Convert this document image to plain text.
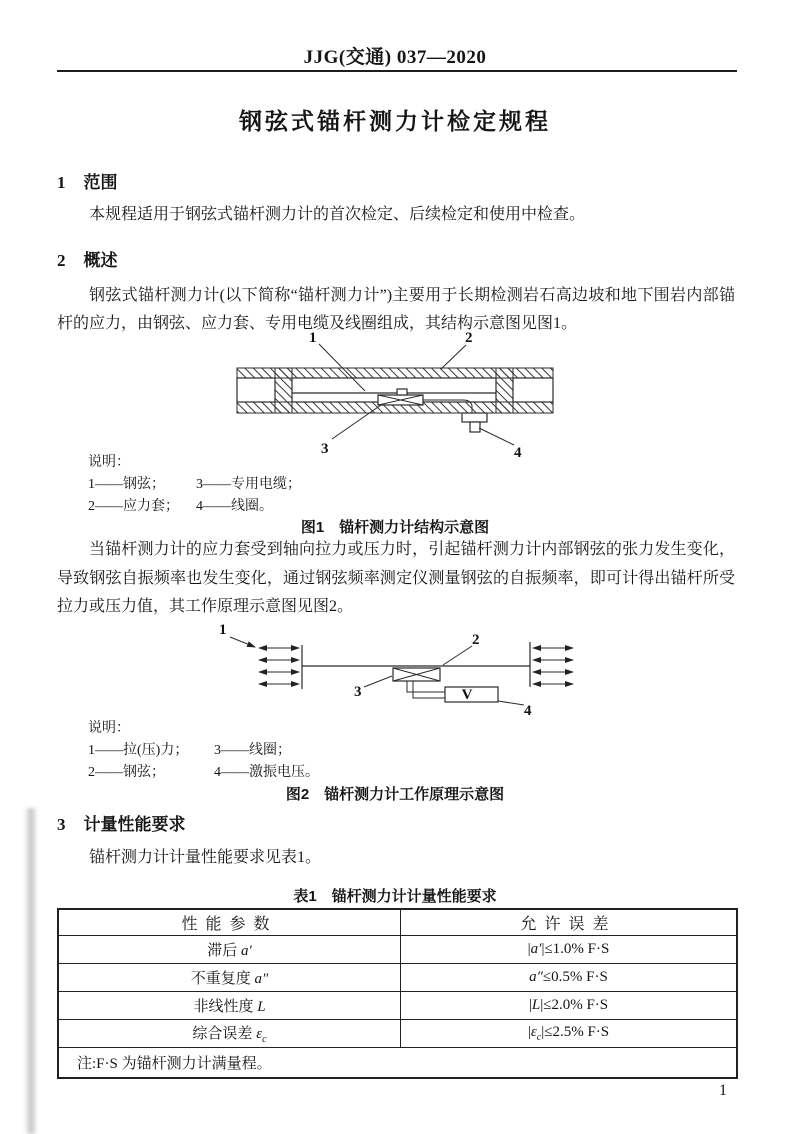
JJG(交通) 037—2020
钢弦式锚杆测力计检定规程
1 范围
本规程适用于钢弦式锚杆测力计的首次检定、后续检定和使用中检查。
2 概述
钢弦式锚杆测力计(以下简称“锚杆测力计”)主要用于长期检测岩石高边坡和地下围岩内部锚杆的应力，由钢弦、应力套、专用电缆及线圈组成，其结构示意图见图1。
1	2
3	4
说明：
1——钢弦；	3——专用电缆；
2——应力套；	4——线圈。
图1　锚杆测力计结构示意图
当锚杆测力计的应力套受到轴向拉力或压力时，引起锚杆测力计内部钢弦的张力发生变化，导致钢弦自振频率也发生变化，通过钢弦频率测定仪测量钢弦的自振频率，即可计得出锚杆所受拉力或压力值，其工作原理示意图见图2。
V
1
2
3
4
说明：
1——拉(压)力；	3——线圈；
2——钢弦；	4——激振电压。
图2　锚杆测力计工作原理示意图
3 计量性能要求
锚杆测力计计量性能要求见表1。
表1　锚杆测力计计量性能要求
性能参数	允许误差
滞后 a′	|a′|≤1.0% F·S
不重复度 a″	a″≤0.5% F·S
非线性度 L	|L|≤2.0% F·S
综合误差 $\varepsilon_c$	$|\varepsilon_c|\le 2.5\%$ F·S
注:F·S 为锚杆测力计满量程。	
1
